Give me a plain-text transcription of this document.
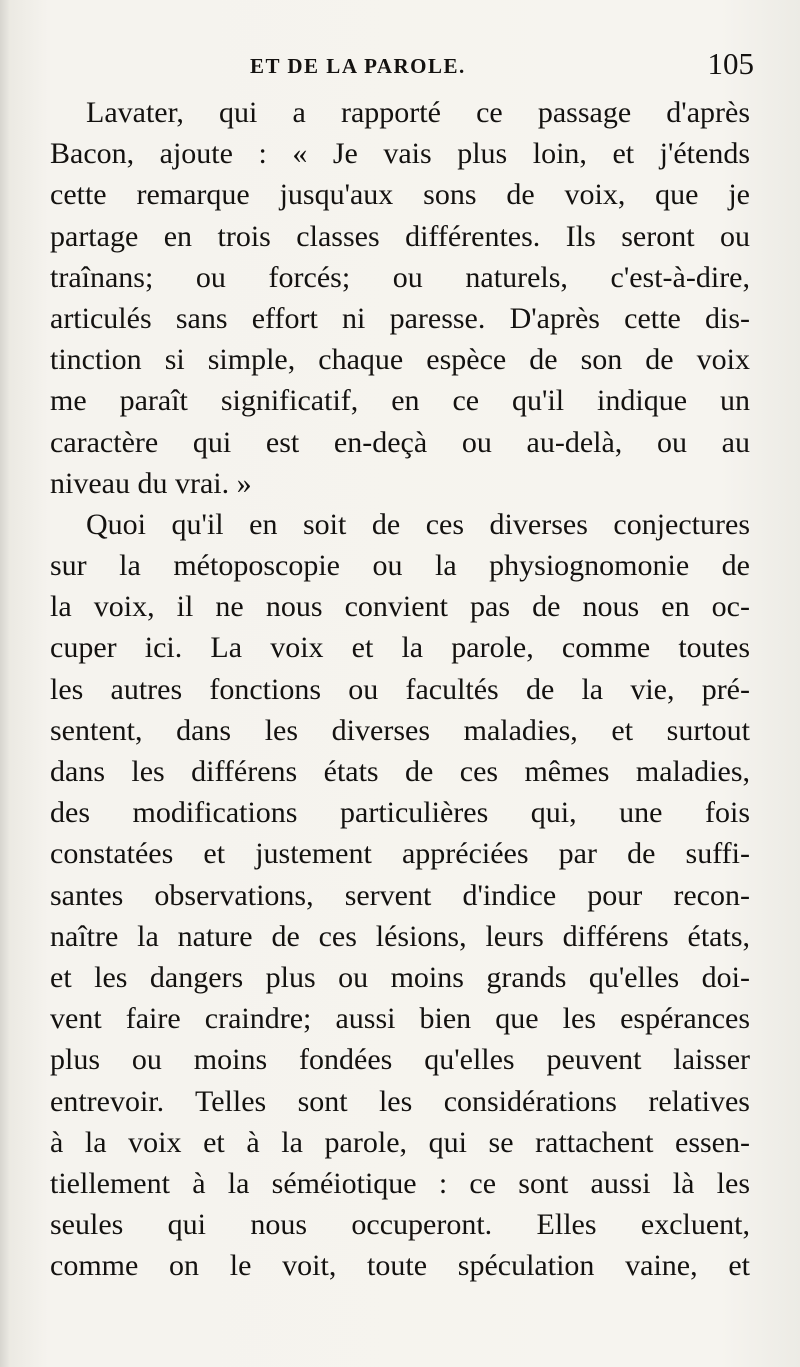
ET DE LA PAROLE.	105
Lavater, qui a rapporté ce passage d'après
Bacon, ajoute : « Je vais plus loin, et j'étends
cette remarque jusqu'aux sons de voix, que je
partage en trois classes différentes. Ils seront ou
traînans; ou forcés; ou naturels, c'est-à-dire,
articulés sans effort ni paresse. D'après cette dis-
tinction si simple, chaque espèce de son de voix
me paraît significatif, en ce qu'il indique un
caractère qui est en-deçà ou au-delà, ou au
niveau du vrai. »
Quoi qu'il en soit de ces diverses conjectures
sur la métoposcopie ou la physiognomonie de
la voix, il ne nous convient pas de nous en oc-
cuper ici. La voix et la parole, comme toutes
les autres fonctions ou facultés de la vie, pré-
sentent, dans les diverses maladies, et surtout
dans les différens états de ces mêmes maladies,
des modifications particulières qui, une fois
constatées et justement appréciées par de suffi-
santes observations, servent d'indice pour recon-
naître la nature de ces lésions, leurs différens états,
et les dangers plus ou moins grands qu'elles doi-
vent faire craindre; aussi bien que les espérances
plus ou moins fondées qu'elles peuvent laisser
entrevoir. Telles sont les considérations relatives
à la voix et à la parole, qui se rattachent essen-
tiellement à la séméiotique : ce sont aussi là les
seules qui nous occuperont. Elles excluent,
comme on le voit, toute spéculation vaine, et
